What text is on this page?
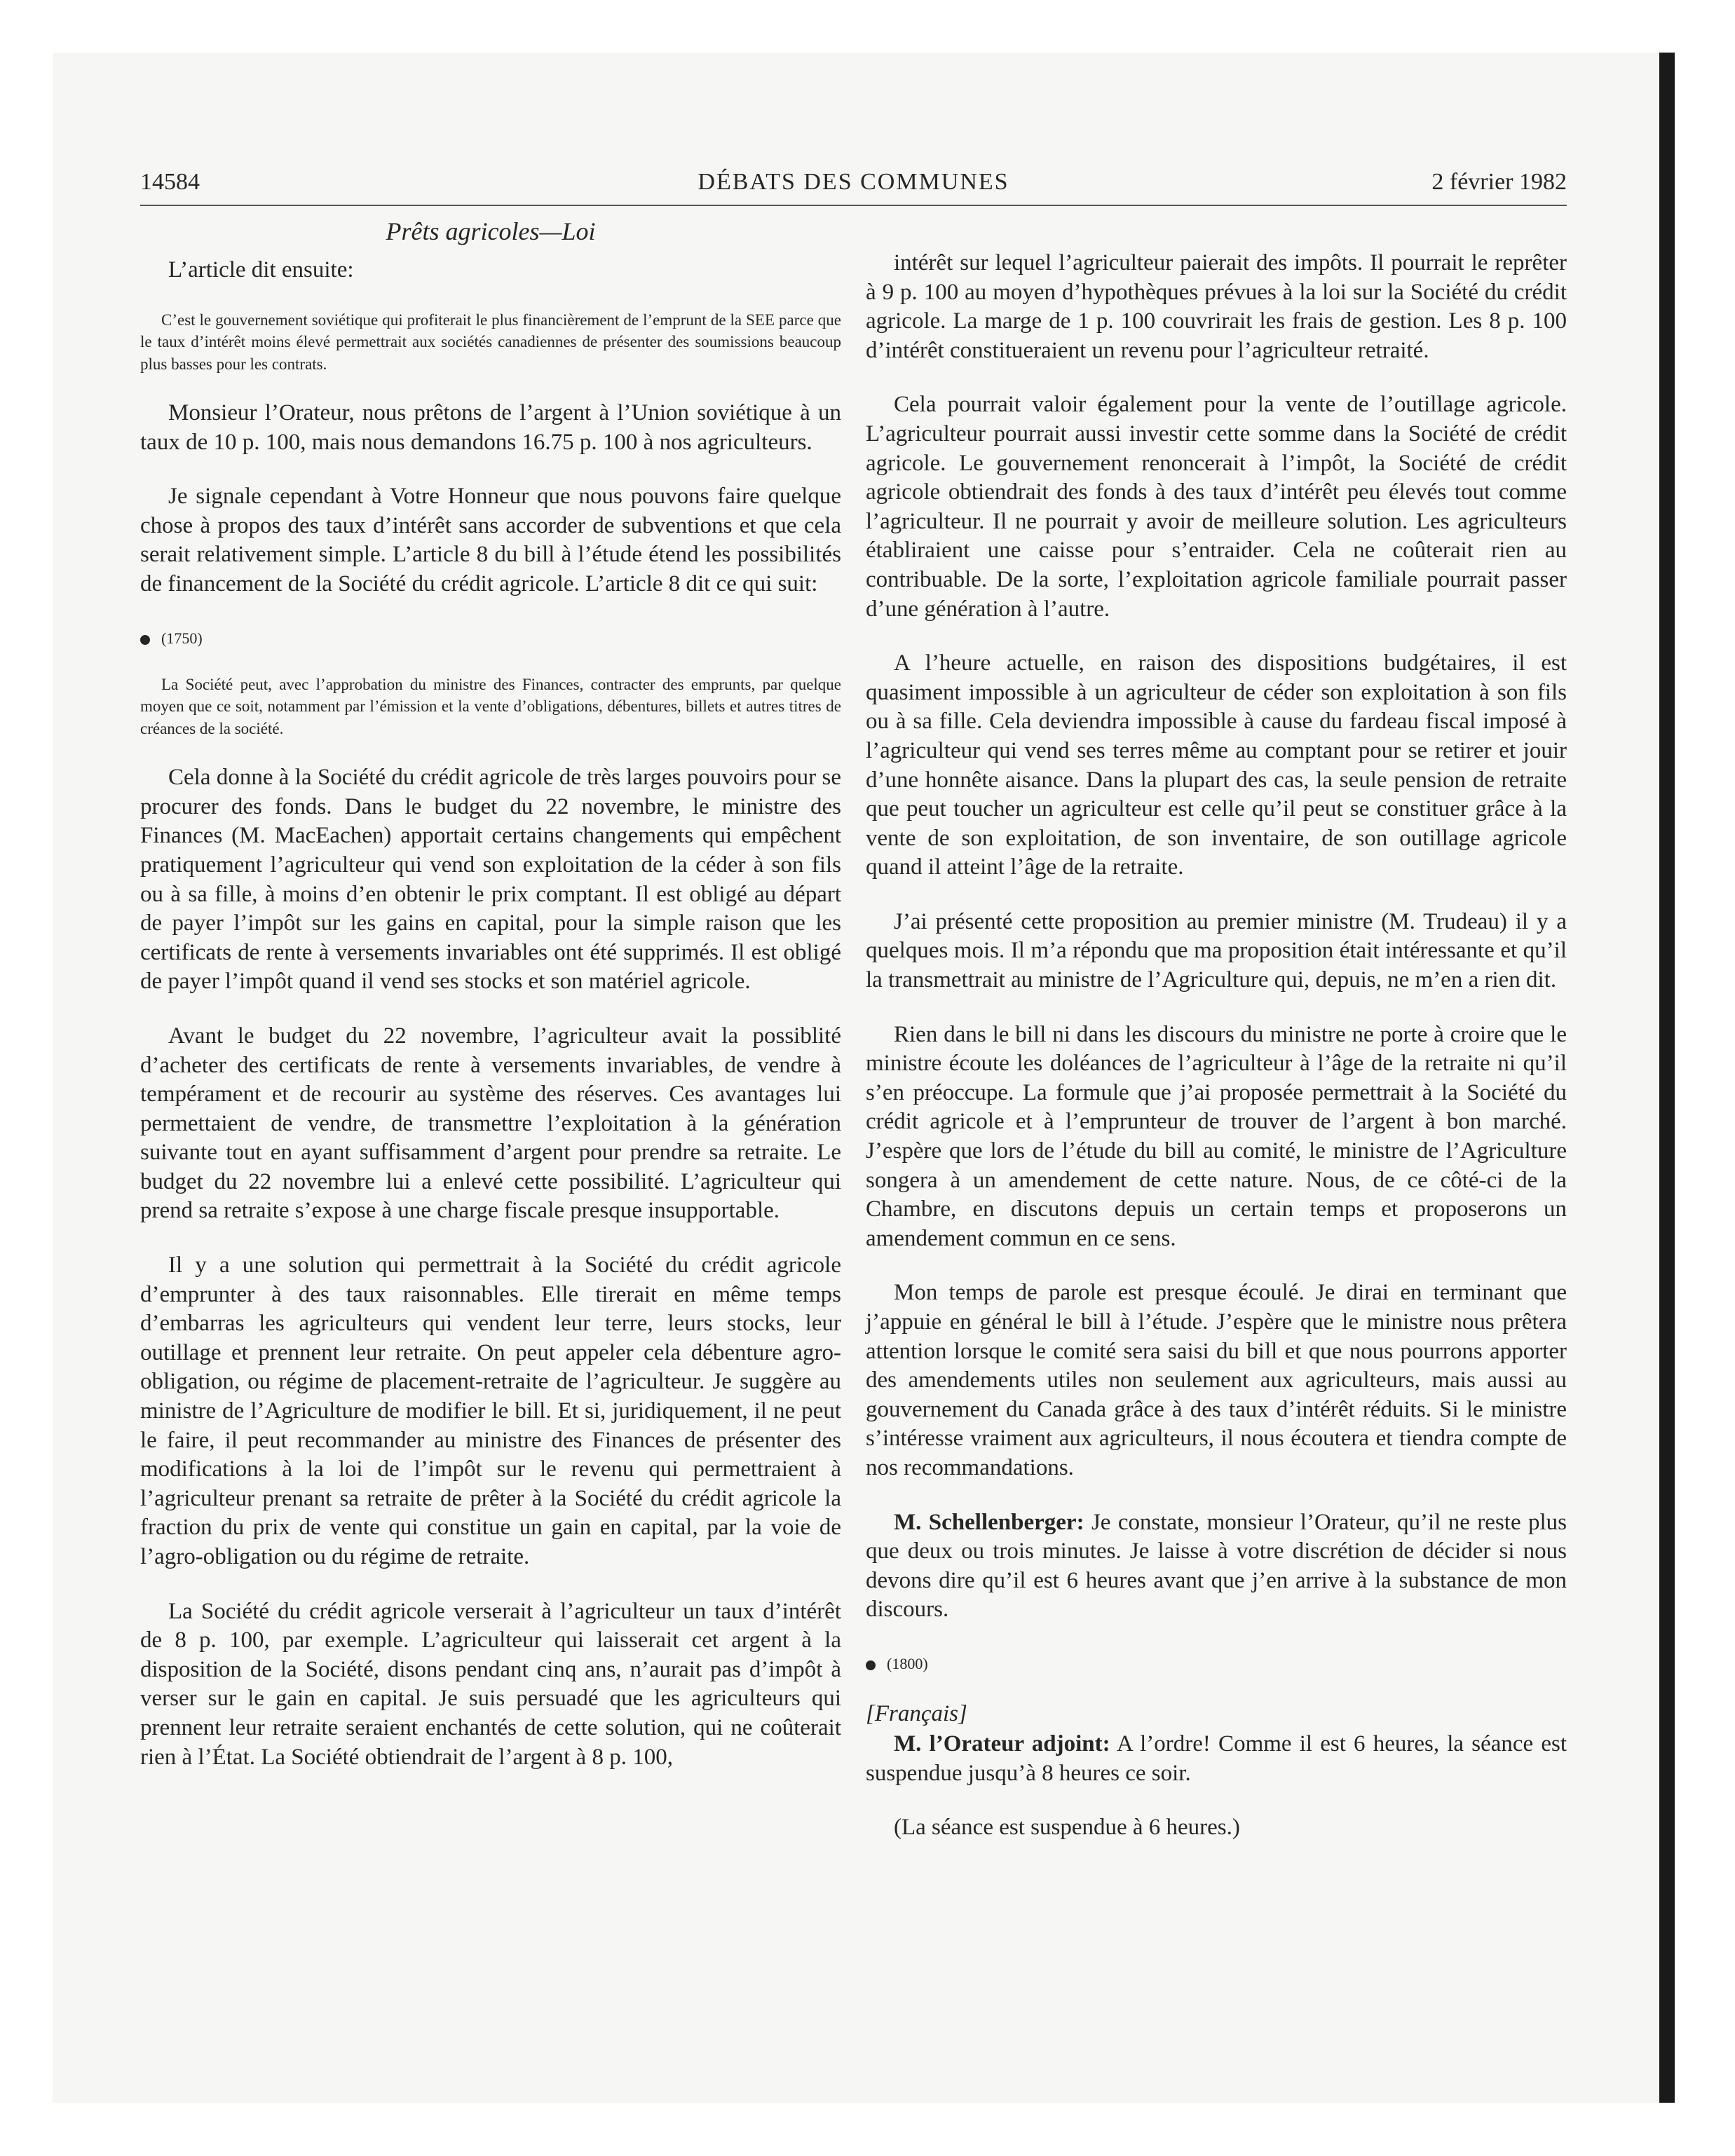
14584	DÉBATS DES COMMUNES	2 février 1982
Prêts agricoles—Loi

L’article dit ensuite:

C’est le gouvernement soviétique qui profiterait le plus financièrement de l’emprunt de la SEE parce que le taux d’intérêt moins élevé permettrait aux sociétés canadiennes de présenter des soumissions beaucoup plus basses pour les contrats.

Monsieur l’Orateur, nous prêtons de l’argent à l’Union soviétique à un taux de 10 p. 100, mais nous demandons 16.75 p. 100 à nos agriculteurs.

Je signale cependant à Votre Honneur que nous pouvons faire quelque chose à propos des taux d’intérêt sans accorder de subventions et que cela serait relativement simple. L’article 8 du bill à l’étude étend les possibilités de financement de la Société du crédit agricole. L’article 8 dit ce qui suit:

(1750)

La Société peut, avec l’approbation du ministre des Finances, contracter des emprunts, par quelque moyen que ce soit, notamment par l’émission et la vente d’obligations, débentures, billets et autres titres de créances de la société.

Cela donne à la Société du crédit agricole de très larges pouvoirs pour se procurer des fonds. Dans le budget du 22 novembre, le ministre des Finances (M. MacEachen) apportait certains changements qui empêchent pratiquement l’agriculteur qui vend son exploitation de la céder à son fils ou à sa fille, à moins d’en obtenir le prix comptant. Il est obligé au départ de payer l’impôt sur les gains en capital, pour la simple raison que les certificats de rente à versements invariables ont été supprimés. Il est obligé de payer l’impôt quand il vend ses stocks et son matériel agricole.

Avant le budget du 22 novembre, l’agriculteur avait la possiblité d’acheter des certificats de rente à versements invariables, de vendre à tempérament et de recourir au système des réserves. Ces avantages lui permettaient de vendre, de transmettre l’exploitation à la génération suivante tout en ayant suffisamment d’argent pour prendre sa retraite. Le budget du 22 novembre lui a enlevé cette possibilité. L’agriculteur qui prend sa retraite s’expose à une charge fiscale presque insupportable.

Il y a une solution qui permettrait à la Société du crédit agricole d’emprunter à des taux raisonnables. Elle tirerait en même temps d’embarras les agriculteurs qui vendent leur terre, leurs stocks, leur outillage et prennent leur retraite. On peut appeler cela débenture agro-obligation, ou régime de placement-retraite de l’agriculteur. Je suggère au ministre de l’Agriculture de modifier le bill. Et si, juridiquement, il ne peut le faire, il peut recommander au ministre des Finances de présenter des modifications à la loi de l’impôt sur le revenu qui permettraient à l’agriculteur prenant sa retraite de prêter à la Société du crédit agricole la fraction du prix de vente qui constitue un gain en capital, par la voie de l’agro-obligation ou du régime de retraite.

La Société du crédit agricole verserait à l’agriculteur un taux d’intérêt de 8 p. 100, par exemple. L’agriculteur qui laisserait cet argent à la disposition de la Société, disons pendant cinq ans, n’aurait pas d’impôt à verser sur le gain en capital. Je suis persuadé que les agriculteurs qui prennent leur retraite seraient enchantés de cette solution, qui ne coûterait rien à l’État. La Société obtiendrait de l’argent à 8 p. 100,

intérêt sur lequel l’agriculteur paierait des impôts. Il pourrait le reprêter à 9 p. 100 au moyen d’hypothèques prévues à la loi sur la Société du crédit agricole. La marge de 1 p. 100 couvrirait les frais de gestion. Les 8 p. 100 d’intérêt constitueraient un revenu pour l’agriculteur retraité.

Cela pourrait valoir également pour la vente de l’outillage agricole. L’agriculteur pourrait aussi investir cette somme dans la Société de crédit agricole. Le gouvernement renoncerait à l’impôt, la Société de crédit agricole obtiendrait des fonds à des taux d’intérêt peu élevés tout comme l’agriculteur. Il ne pourrait y avoir de meilleure solution. Les agriculteurs établiraient une caisse pour s’entraider. Cela ne coûterait rien au contribuable. De la sorte, l’exploitation agricole familiale pourrait passer d’une génération à l’autre.

A l’heure actuelle, en raison des dispositions budgétaires, il est quasiment impossible à un agriculteur de céder son exploitation à son fils ou à sa fille. Cela deviendra impossible à cause du fardeau fiscal imposé à l’agriculteur qui vend ses terres même au comptant pour se retirer et jouir d’une honnête aisance. Dans la plupart des cas, la seule pension de retraite que peut toucher un agriculteur est celle qu’il peut se constituer grâce à la vente de son exploitation, de son inventaire, de son outillage agricole quand il atteint l’âge de la retraite.

J’ai présenté cette proposition au premier ministre (M. Trudeau) il y a quelques mois. Il m’a répondu que ma proposition était intéressante et qu’il la transmettrait au ministre de l’Agriculture qui, depuis, ne m’en a rien dit.

Rien dans le bill ni dans les discours du ministre ne porte à croire que le ministre écoute les doléances de l’agriculteur à l’âge de la retraite ni qu’il s’en préoccupe. La formule que j’ai proposée permettrait à la Société du crédit agricole et à l’emprunteur de trouver de l’argent à bon marché. J’espère que lors de l’étude du bill au comité, le ministre de l’Agriculture songera à un amendement de cette nature. Nous, de ce côté-ci de la Chambre, en discutons depuis un certain temps et proposerons un amendement commun en ce sens.

Mon temps de parole est presque écoulé. Je dirai en terminant que j’appuie en général le bill à l’étude. J’espère que le ministre nous prêtera attention lorsque le comité sera saisi du bill et que nous pourrons apporter des amendements utiles non seulement aux agriculteurs, mais aussi au gouvernement du Canada grâce à des taux d’intérêt réduits. Si le ministre s’intéresse vraiment aux agriculteurs, il nous écoutera et tiendra compte de nos recommandations.

M. Schellenberger: Je constate, monsieur l’Orateur, qu’il ne reste plus que deux ou trois minutes. Je laisse à votre discrétion de décider si nous devons dire qu’il est 6 heures avant que j’en arrive à la substance de mon discours.

(1800)
[Français]

M. l’Orateur adjoint: A l’ordre! Comme il est 6 heures, la séance est suspendue jusqu’à 8 heures ce soir.

(La séance est suspendue à 6 heures.)
